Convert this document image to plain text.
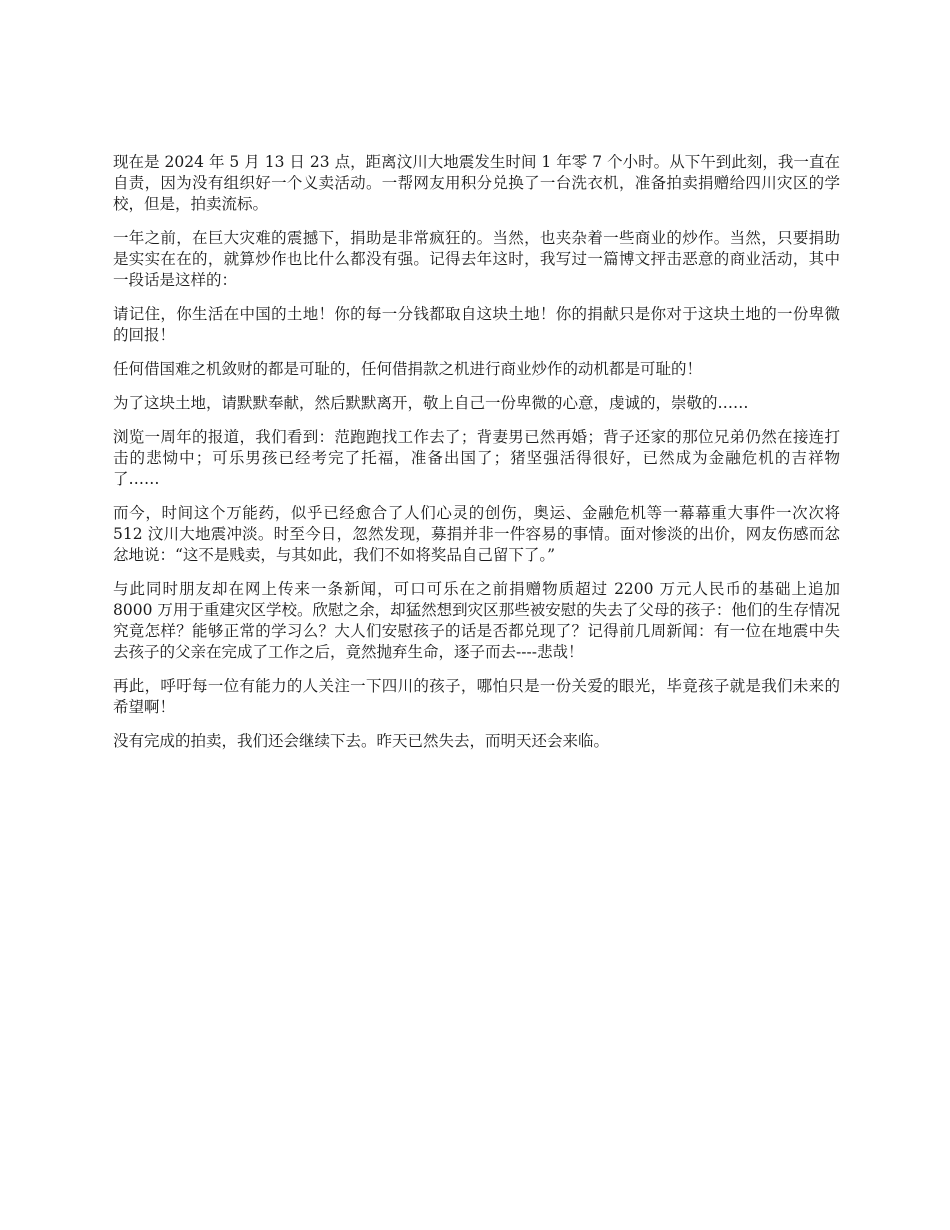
现在是 2024 年 5 月 13 日 23 点，距离汶川大地震发生时间 1 年零 7 个小时。从下午到此刻，我一直在自责，因为没有组织好一个义卖活动。一帮网友用积分兑换了一台洗衣机，准备拍卖捐赠给四川灾区的学校，但是，拍卖流标。

一年之前，在巨大灾难的震撼下，捐助是非常疯狂的。当然，也夹杂着一些商业的炒作。当然，只要捐助是实实在在的，就算炒作也比什么都没有强。记得去年这时，我写过一篇博文抨击恶意的商业活动，其中一段话是这样的：

请记住，你生活在中国的土地！你的每一分钱都取自这块土地！你的捐献只是你对于这块土地的一份卑微的回报！

任何借国难之机敛财的都是可耻的，任何借捐款之机进行商业炒作的动机都是可耻的！

为了这块土地，请默默奉献，然后默默离开，敬上自己一份卑微的心意，虔诚的，崇敬的……

浏览一周年的报道，我们看到：范跑跑找工作去了；背妻男已然再婚；背子还家的那位兄弟仍然在接连打击的悲恸中；可乐男孩已经考完了托福，准备出国了；猪坚强活得很好，已然成为金融危机的吉祥物了……

而今，时间这个万能药，似乎已经愈合了人们心灵的创伤，奥运、金融危机等一幕幕重大事件一次次将 512 汶川大地震冲淡。时至今日，忽然发现，募捐并非一件容易的事情。面对惨淡的出价，网友伤感而忿忿地说：“这不是贱卖，与其如此，我们不如将奖品自己留下了。”

与此同时朋友却在网上传来一条新闻，可口可乐在之前捐赠物质超过 2200 万元人民币的基础上追加 8000 万用于重建灾区学校。欣慰之余，却猛然想到灾区那些被安慰的失去了父母的孩子：他们的生存情况究竟怎样？能够正常的学习么？大人们安慰孩子的话是否都兑现了？记得前几周新闻：有一位在地震中失去孩子的父亲在完成了工作之后，竟然抛弃生命，逐子而去----悲哉！

再此，呼吁每一位有能力的人关注一下四川的孩子，哪怕只是一份关爱的眼光，毕竟孩子就是我们未来的希望啊！

没有完成的拍卖，我们还会继续下去。昨天已然失去，而明天还会来临。
